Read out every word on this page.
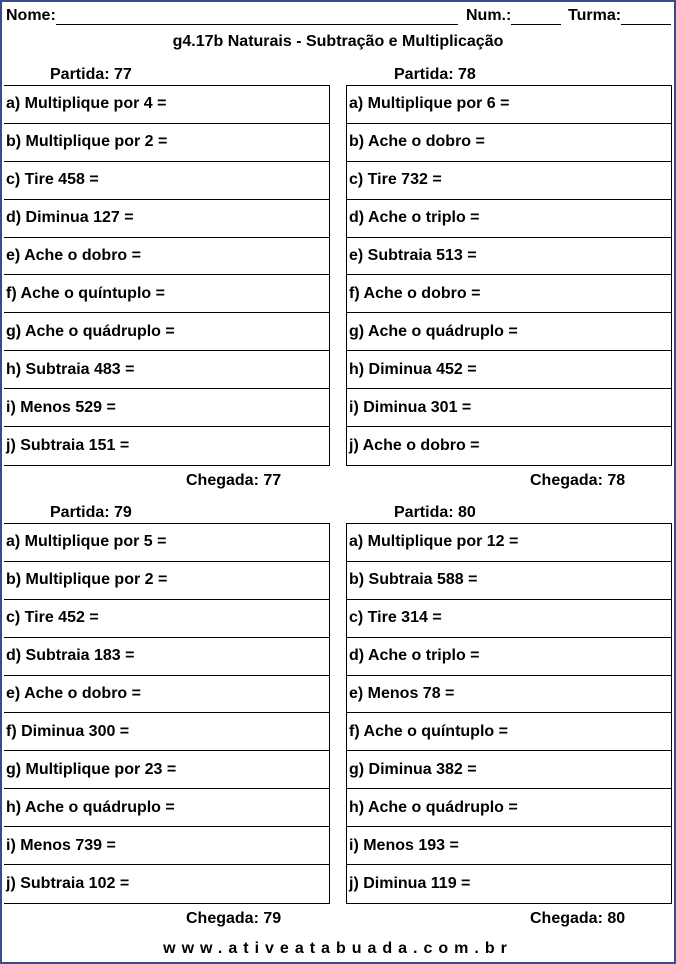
Nome:	Num.:	Turma:
g4.17b Naturais - Subtração e Multiplicação
Partida: 77
a) Multiplique por 4 =
b) Multiplique por 2 =
c) Tire 458 =
d) Diminua 127 =
e) Ache o dobro =
f) Ache o quíntuplo =
g) Ache o quádruplo =
h) Subtraia 483 =
i) Menos 529 =
j) Subtraia 151 =
Chegada: 77
Partida: 78
a) Multiplique por 6 =
b) Ache o dobro =
c) Tire 732 =
d) Ache o triplo =
e) Subtraia 513 =
f) Ache o dobro =
g) Ache o quádruplo =
h) Diminua 452 =
i) Diminua 301 =
j) Ache o dobro =
Chegada: 78
Partida: 79
a) Multiplique por 5 =
b) Multiplique por 2 =
c) Tire 452 =
d) Subtraia 183 =
e) Ache o dobro =
f) Diminua 300 =
g) Multiplique por 23 =
h) Ache o quádruplo =
i) Menos 739 =
j) Subtraia 102 =
Chegada: 79
Partida: 80
a) Multiplique por 12 =
b) Subtraia 588 =
c) Tire 314 =
d) Ache o triplo =
e) Menos 78 =
f) Ache o quíntuplo =
g) Diminua 382 =
h) Ache o quádruplo =
i) Menos 193 =
j) Diminua 119 =
Chegada: 80
www.ativeatabuada.com.br
